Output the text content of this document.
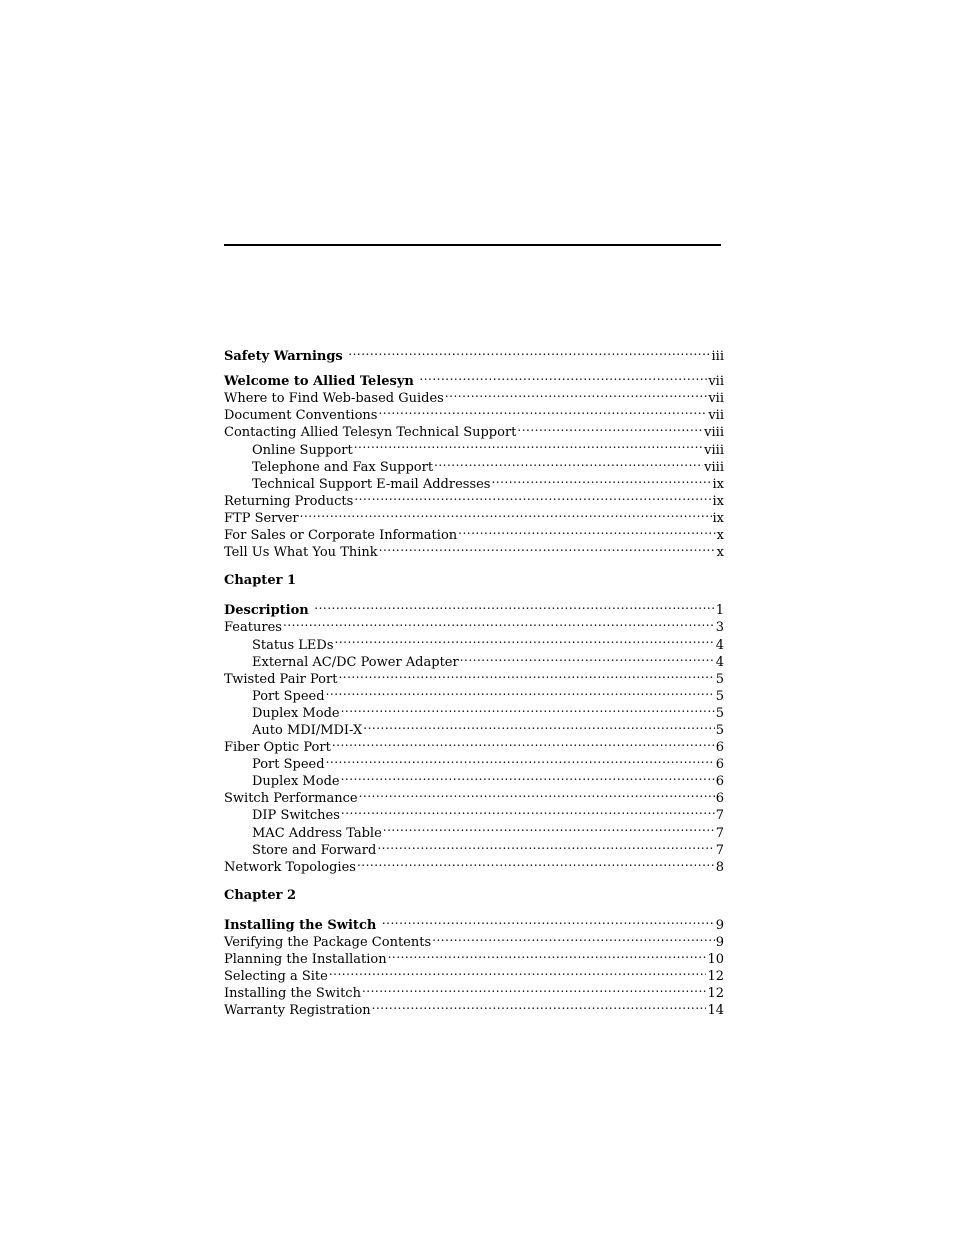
Safety Warnings .....	iii
Welcome to Allied Telesyn .....	vii
Where to Find Web-based Guides .....	vii
Document Conventions .....	vii
Contacting Allied Telesyn Technical Support .....	viii
Online Support .....	viii
Telephone and Fax Support .....	viii
Technical Support E-mail Addresses .....	ix
Returning Products .....	ix
FTP Server .....	ix
For Sales or Corporate Information .....	x
Tell Us What You Think .....	x
Chapter 1
Description .....	1
Features .....	3
Status LEDs .....	4
External AC/DC Power Adapter .....	4
Twisted Pair Port .....	5
Port Speed .....	5
Duplex Mode .....	5
Auto MDI/MDI-X .....	5
Fiber Optic Port .....	6
Port Speed .....	6
Duplex Mode .....	6
Switch Performance .....	6
DIP Switches .....	7
MAC Address Table .....	7
Store and Forward .....	7
Network Topologies .....	8
Chapter 2
Installing the Switch .....	9
Verifying the Package Contents .....	9
Planning the Installation .....	10
Selecting a Site .....	12
Installing the Switch .....	12
Warranty Registration .....	14
